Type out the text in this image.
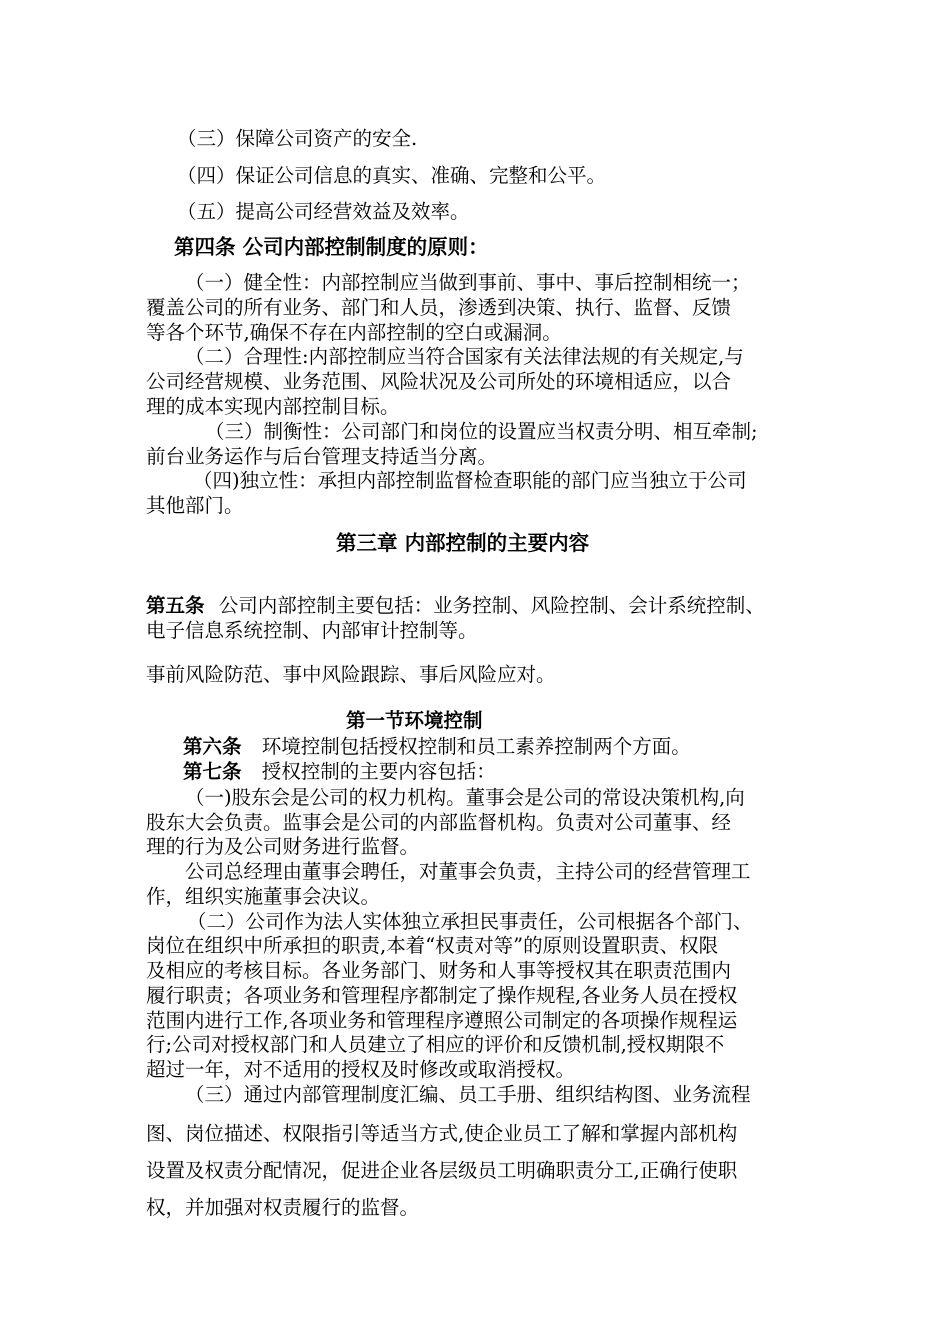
（三）保障公司资产的安全.
（四）保证公司信息的真实、准确、完整和公平。
（五）提高公司经营效益及效率。
第四条 公司内部控制制度的原则：
（一）健全性：内部控制应当做到事前、事中、事后控制相统一；
覆盖公司的所有业务、部门和人员，渗透到决策、执行、监督、反馈
等各个环节,确保不存在内部控制的空白或漏洞。
（二）合理性:内部控制应当符合国家有关法律法规的有关规定,与
公司经营规模、业务范围、风险状况及公司所处的环境相适应，以合
理的成本实现内部控制目标。
（三）制衡性：公司部门和岗位的设置应当权责分明、相互牵制;
前台业务运作与后台管理支持适当分离。
（四)独立性：承担内部控制监督检查职能的部门应当独立于公司
其他部门。
第三章 内部控制的主要内容
第五条 公司内部控制主要包括：业务控制、风险控制、会计系统控制、
电子信息系统控制、内部审计控制等。
事前风险防范、事中风险跟踪、事后风险应对。
第一节环境控制
第六条 环境控制包括授权控制和员工素养控制两个方面。
第七条 授权控制的主要内容包括：
（一)股东会是公司的权力机构。董事会是公司的常设决策机构,向
股东大会负责。监事会是公司的内部监督机构。负责对公司董事、经
理的行为及公司财务进行监督。
公司总经理由董事会聘任，对董事会负责，主持公司的经营管理工
作，组织实施董事会决议。
（二）公司作为法人实体独立承担民事责任，公司根据各个部门、
岗位在组织中所承担的职责,本着“权责对等”的原则设置职责、权限
及相应的考核目标。各业务部门、财务和人事等授权其在职责范围内
履行职责；各项业务和管理程序都制定了操作规程,各业务人员在授权
范围内进行工作,各项业务和管理程序遵照公司制定的各项操作规程运
行;公司对授权部门和人员建立了相应的评价和反馈机制,授权期限不
超过一年，对不适用的授权及时修改或取消授权。
（三）通过内部管理制度汇编、员工手册、组织结构图、业务流程
图、岗位描述、权限指引等适当方式,使企业员工了解和掌握内部机构
设置及权责分配情况，促进企业各层级员工明确职责分工,正确行使职
权，并加强对权责履行的监督。
